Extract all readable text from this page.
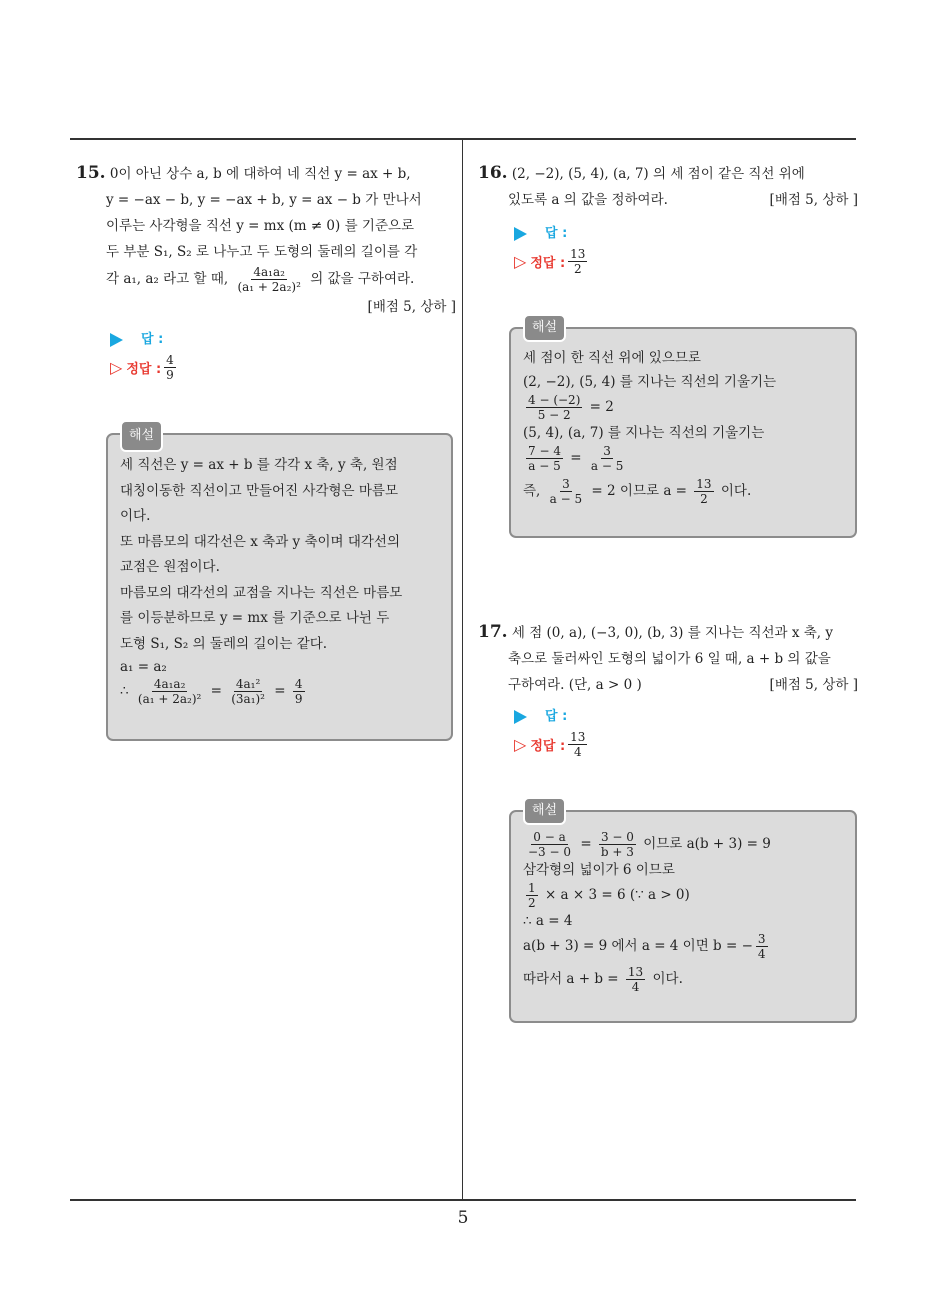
15. 0이 아닌 상수 a, b 에 대하여 네 직선 y = ax + b,
y = −ax − b, y = −ax + b, y = ax − b 가 만나서
이루는 사각형을 직선 y = mx (m ≠ 0) 를 기준으로
두 부분 S₁, S₂ 로 나누고 두 도형의 둘레의 길이를 각
각 a₁, a₂ 라고 할 때, $\frac{\text{4a₁a₂}}{\text{(a₁ + 2a₂)²}}$ 의 값을 구하여라.
[배점 5, 상하 ]
답 :
▷ 정답 : $\frac{4}{9}$
해설
세 직선은 y = ax + b 를 각각 x 축, y 축, 원점
대칭이동한 직선이고 만들어진 사각형은 마름모
이다.
또 마름모의 대각선은 x 축과 y 축이며 대각선의
교점은 원점이다.
마름모의 대각선의 교점을 지나는 직선은 마름모
를 이등분하므로 y = mx 를 기준으로 나뉜 두
도형 S₁, S₂ 의 둘레의 길이는 같다.
a₁ = a₂
∴ $\frac{\text{4a₁a₂}}{\text{(a₁ + 2a₂)²}} = \frac{\text{4a₁²}}{\text{(3a₁)²}} = \frac{4}{9}$
16. (2, −2), (5, 4), (a, 7) 의 세 점이 같은 직선 위에
있도록 a 의 값을 정하여라.	[배점 5, 상하 ]
답 :
▷ 정답 : $\frac{13}{2}$
해설
세 점이 한 직선 위에 있으므로
(2, −2), (5, 4) 를 지나는 직선의 기울기는
$\frac{4 - (-2)}{5 - 2} = 2$
(5, 4), (a, 7) 를 지나는 직선의 기울기는
$\frac{7 - 4}{a - 5} = \frac{3}{a - 5}$
즉, $\frac{3}{a - 5} = 2$ 이므로 $a = \frac{13}{2}$ 이다.
17. 세 점 (0, a), (−3, 0), (b, 3) 를 지나는 직선과 x 축, y
축으로 둘러싸인 도형의 넓이가 6 일 때, a + b 의 값을
구하여라. (단, a > 0 )	[배점 5, 상하 ]
답 :
▷ 정답 : $\frac{13}{4}$
해설
$\frac{0 - a}{-3 - 0} = \frac{3 - 0}{b + 3}$ 이므로 a(b + 3) = 9
삼각형의 넓이가 6 이므로
$\frac{1}{2} \times a \times 3 = 6$ (∵ a > 0)
∴ a = 4
a(b + 3) = 9 에서 a = 4 이면 b = − $\frac{3}{4}$
따라서 $a + b = \frac{13}{4}$ 이다.
5
